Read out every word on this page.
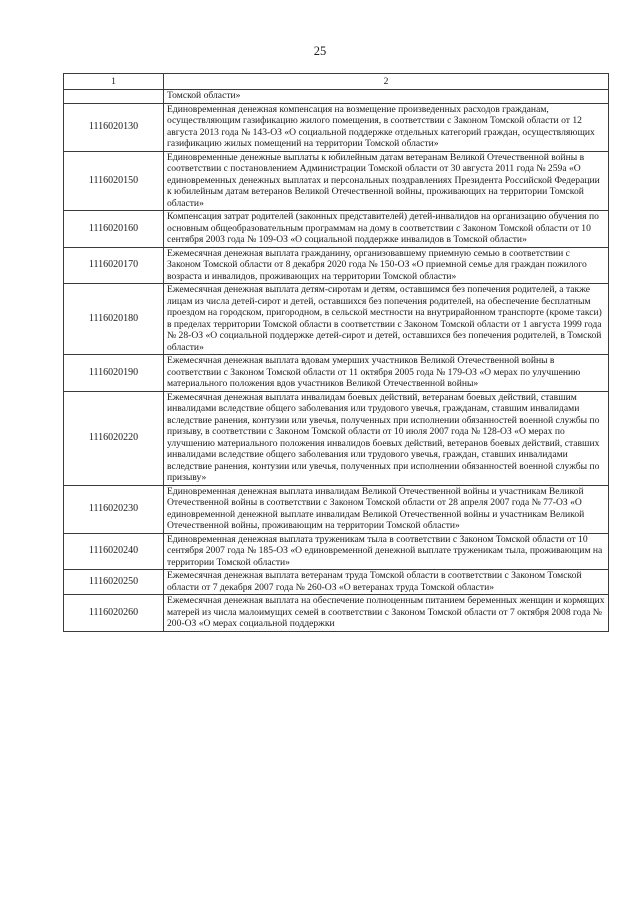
25
1	2
	Томской области»
1116020130	Единовременная денежная компенсация на возмещение произведенных расходов гражданам, осуществляющим газификацию жилого помещения, в соответствии с Законом Томской области от 12 августа 2013 года № 143-ОЗ «О социальной поддержке отдельных категорий граждан, осуществляющих газификацию жилых помещений на территории Томской области»
1116020150	Единовременные денежные выплаты к юбилейным датам ветеранам Великой Отечественной войны в соответствии с постановлением Администрации Томской области от 30 августа 2011 года № 259а «О единовременных денежных выплатах и персональных поздравлениях Президента Российской Федерации к юбилейным датам ветеранов Великой Отечественной войны, проживающих на территории Томской области»
1116020160	Компенсация затрат родителей (законных представителей) детей-инвалидов на организацию обучения по основным общеобразовательным программам на дому в соответствии с Законом Томской области от 10 сентября 2003 года № 109-ОЗ «О социальной поддержке инвалидов в Томской области»
1116020170	Ежемесячная денежная выплата гражданину, организовавшему приемную семью в соответствии с Законом Томской области от 8 декабря 2020 года № 150-ОЗ «О приемной семье для граждан пожилого возраста и инвалидов, проживающих на территории Томской области»
1116020180	Ежемесячная денежная выплата детям-сиротам и детям, оставшимся без попечения родителей, а также лицам из числа детей-сирот и детей, оставшихся без попечения родителей, на обеспечение бесплатным проездом на городском, пригородном, в сельской местности на внутрирайонном транспорте (кроме такси) в пределах территории Томской области в соответствии с Законом Томской области от 1 августа 1999 года № 28-ОЗ «О социальной поддержке детей-сирот и детей, оставшихся без попечения родителей, в Томской области»
1116020190	Ежемесячная денежная выплата вдовам умерших участников Великой Отечественной войны в соответствии с Законом Томской области от 11 октября 2005 года № 179-ОЗ «О мерах по улучшению материального положения вдов участников Великой Отечественной войны»
1116020220	Ежемесячная денежная выплата инвалидам боевых действий, ветеранам боевых действий, ставшим инвалидами вследствие общего заболевания или трудового увечья, гражданам, ставшим инвалидами вследствие ранения, контузии или увечья, полученных при исполнении обязанностей военной службы по призыву, в соответствии с Законом Томской области от 10 июля 2007 года № 128-ОЗ «О мерах по улучшению материального положения инвалидов боевых действий, ветеранов боевых действий, ставших инвалидами вследствие общего заболевания или трудового увечья, граждан, ставших инвалидами вследствие ранения, контузии или увечья, полученных при исполнении обязанностей военной службы по призыву»
1116020230	Единовременная денежная выплата инвалидам Великой Отечественной войны и участникам Великой Отечественной войны в соответствии с Законом Томской области от 28 апреля 2007 года № 77-ОЗ «О единовременной денежной выплате инвалидам Великой Отечественной войны и участникам Великой Отечественной войны, проживающим на территории Томской области»
1116020240	Единовременная денежная выплата труженикам тыла в соответствии с Законом Томской области от 10 сентября 2007 года № 185-ОЗ «О единовременной денежной выплате труженикам тыла, проживающим на территории Томской области»
1116020250	Ежемесячная денежная выплата ветеранам труда Томской области в соответствии с Законом Томской области от 7 декабря 2007 года № 260-ОЗ «О ветеранах труда Томской области»
1116020260	Ежемесячная денежная выплата на обеспечение полноценным питанием беременных женщин и кормящих матерей из числа малоимущих семей в соответствии с Законом Томской области от 7 октября 2008 года № 200-ОЗ «О мерах социальной поддержки
